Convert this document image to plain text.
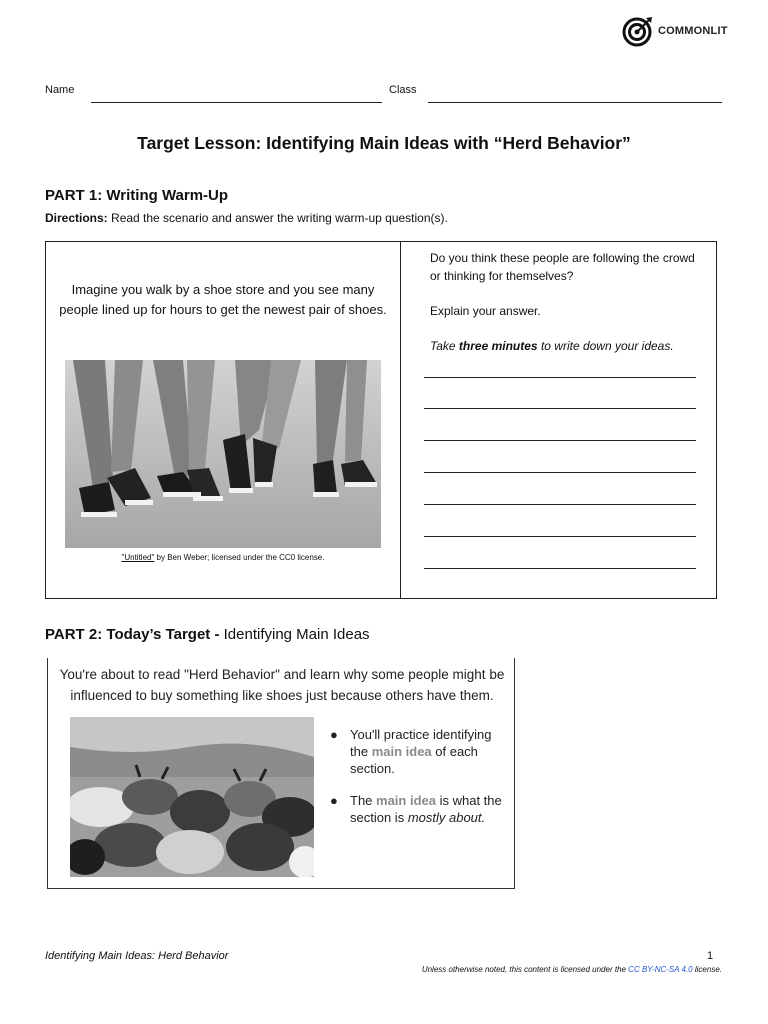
COMMONLIT
Name	Class
Target Lesson: Identifying Main Ideas with “Herd Behavior”
PART 1: Writing Warm-Up
Directions: Read the scenario and answer the writing warm-up question(s).
Imagine you walk by a shoe store and you see many people lined up for hours to get the newest pair of shoes.
"Untitled" by Ben Weber; licensed under the CC0 license.

Do you think these people are following the crowd or thinking for themselves?

Explain your answer.

Take three minutes to write down your ideas.

PART 2: Today’s Target - Identifying Main Ideas
You're about to read "Herd Behavior" and learn why some people might be influenced to buy something like shoes just because others have them.
● You'll practice identifying the main idea of each section.
● The main idea is what the section is mostly about.
Identifying Main Ideas: Herd Behavior	1
Unless otherwise noted, this content is licensed under the CC BY-NC-SA 4.0 license.
